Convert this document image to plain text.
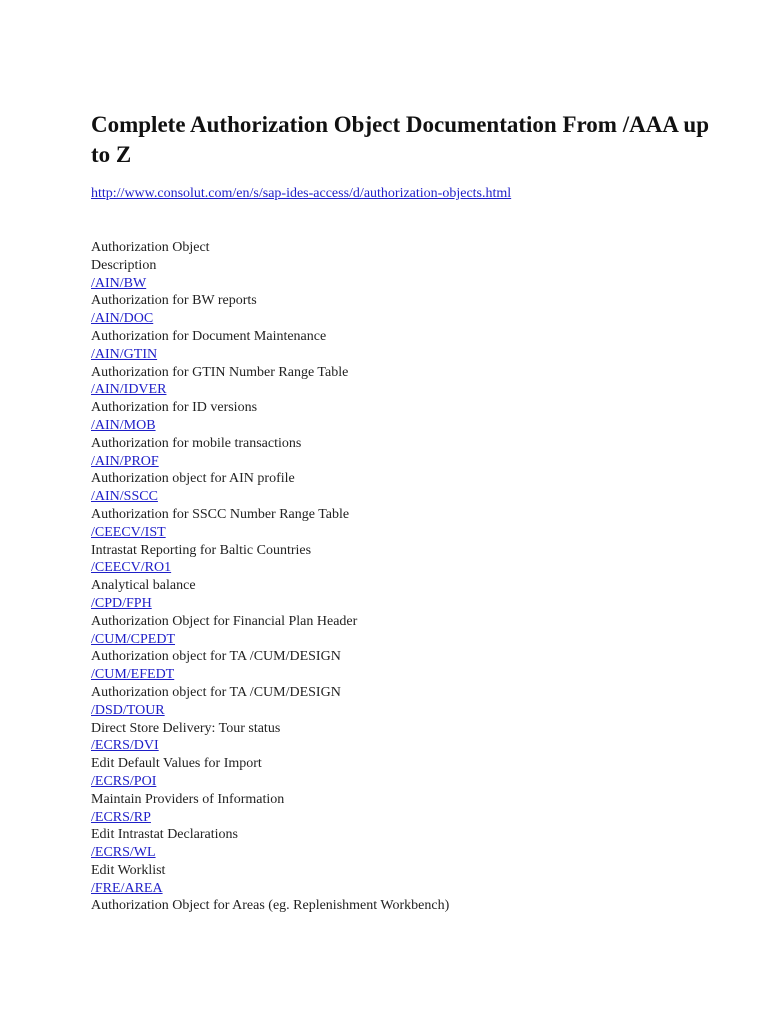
Complete Authorization Object Documentation From /AAA up to Z
http://www.consolut.com/en/s/sap-ides-access/d/authorization-objects.html
Authorization Object
Description
/AIN/BW
Authorization for BW reports
/AIN/DOC
Authorization for Document Maintenance
/AIN/GTIN
Authorization for GTIN Number Range Table
/AIN/IDVER
Authorization for ID versions
/AIN/MOB
Authorization for mobile transactions
/AIN/PROF
Authorization object for AIN profile
/AIN/SSCC
Authorization for SSCC Number Range Table
/CEECV/IST
Intrastat Reporting for Baltic Countries
/CEECV/RO1
Analytical balance
/CPD/FPH
Authorization Object for Financial Plan Header
/CUM/CPEDT
Authorization object for TA /CUM/DESIGN
/CUM/EFEDT
Authorization object for TA /CUM/DESIGN
/DSD/TOUR
Direct Store Delivery: Tour status
/ECRS/DVI
Edit Default Values for Import
/ECRS/POI
Maintain Providers of Information
/ECRS/RP
Edit Intrastat Declarations
/ECRS/WL
Edit Worklist
/FRE/AREA
Authorization Object for Areas (eg. Replenishment Workbench)
